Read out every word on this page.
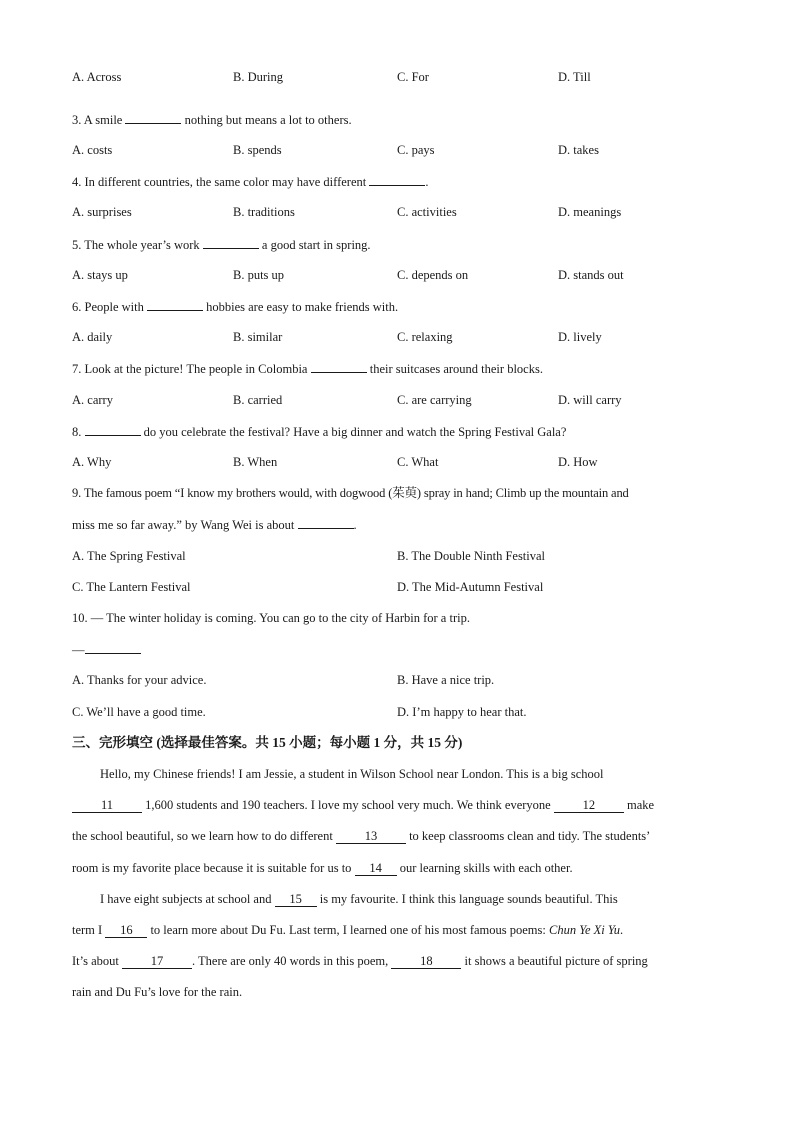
A. Across	B. During	C. For	D. Till
3. A smile	nothing but means a lot to others.
A. costs	B. spends	C. pays	D. takes
4. In different countries, the same color may have different	.
A. surprises	B. traditions	C. activities	D. meanings
5. The whole year’s work	a good start in spring.
A. stays up	B. puts up	C. depends on	D. stands out
6. People with	hobbies are easy to make friends with.
A. daily	B. similar	C. relaxing	D. lively
7. Look at the picture! The people in Colombia	their suitcases around their blocks.
A. carry	B. carried	C. are carrying	D. will carry
8.	do you celebrate the festival? Have a big dinner and watch the Spring Festival Gala?
A. Why	B. When	C. What	D. How
9. The famous poem “I know my brothers would, with dogwood (茱萸) spray in hand; Climb up the mountain and
miss me so far away.” by Wang Wei is about	.
A. The Spring Festival	B. The Double Ninth Festival
C. The Lantern Festival	D. The Mid-Autumn Festival
10. — The winter holiday is coming. You can go to the city of Harbin for a trip.
—
A. Thanks for your advice.	B. Have a nice trip.
C. We’ll have a good time.	D. I’m happy to hear that.
三、完形填空 (选择最佳答案。共 15 小题；每小题 1 分，共 15 分)
Hello, my Chinese friends! I am Jessie, a student in Wilson School near London. This is a big school
11 1,600 students and 190 teachers. I love my school very much. We think everyone 12 make
the school beautiful, so we learn how to do different 13 to keep classrooms clean and tidy. The students’
room is my favorite place because it is suitable for us to 14 our learning skills with each other.
I have eight subjects at school and 15 is my favourite. I think this language sounds beautiful. This
term I 16 to learn more about Du Fu. Last term, I learned one of his most famous poems: Chun Ye Xi Yu.
It’s about 17 . There are only 40 words in this poem, 18 it shows a beautiful picture of spring
rain and Du Fu’s love for the rain.
